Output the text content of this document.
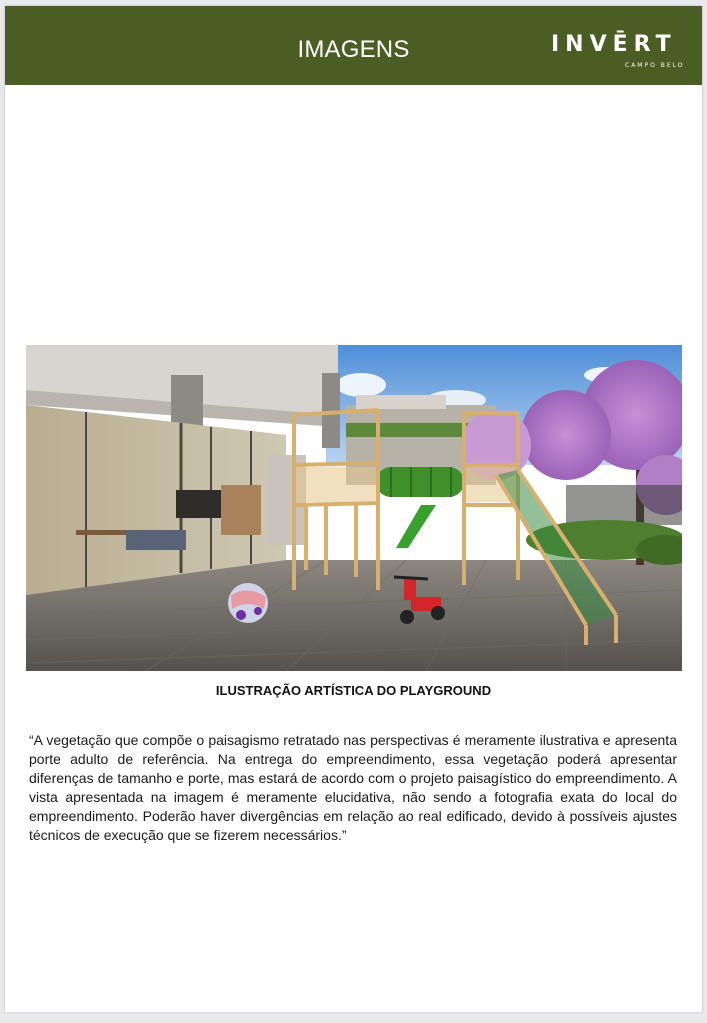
IMAGENS	INVĒRT
CAMPO BELO
ILUSTRAÇÃO ARTÍSTICA DO PLAYGROUND

“A vegetação que compõe o paisagismo retratado nas perspectivas é meramente ilustrativa e apresenta porte adulto de referência. Na entrega do empreendimento, essa vegetação poderá apresentar diferenças de tamanho e porte, mas estará de acordo com o projeto paisagístico do empreendimento. A vista apresentada na imagem é meramente elucidativa, não sendo a fotografia exata do local do empreendimento. Poderão haver divergências em relação ao real edificado, devido à possíveis ajustes técnicos de execução que se fizerem necessários.”
